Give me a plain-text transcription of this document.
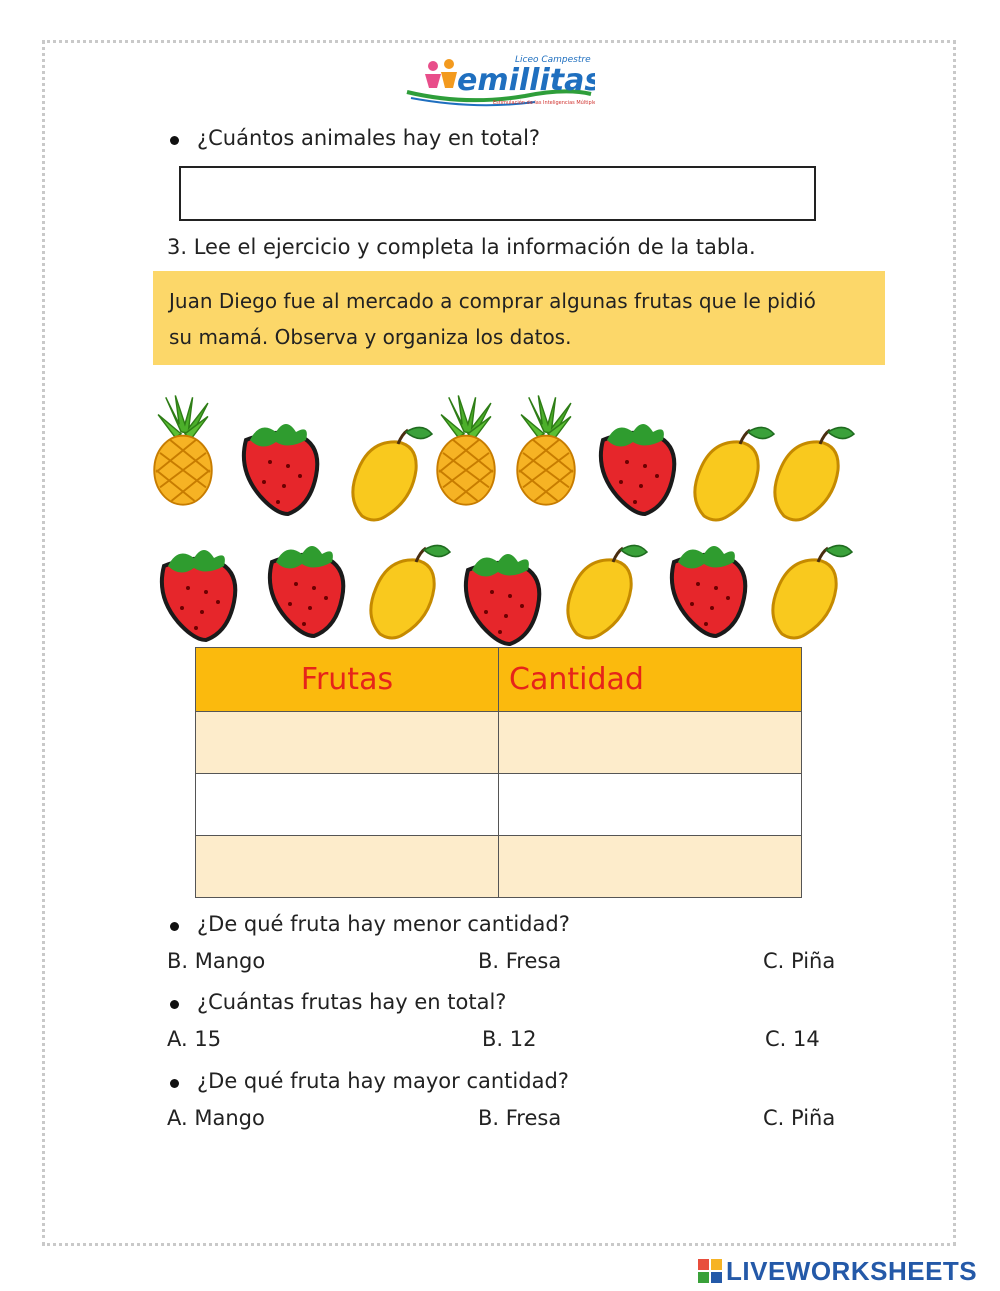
Liceo Campestre
emillitas
Estimulación de las Inteligencias Múltiples
¿Cuántos animales hay en total?
3. Lee el ejercicio y completa la información de la tabla.
Juan Diego fue al mercado a comprar algunas frutas que le pidió
su mamá. Observa y organiza los datos.
Frutas	Cantidad

¿De qué fruta hay menor cantidad?
B. Mango	B. Fresa	C. Piña
¿Cuántas frutas hay en total?
A. 15	B. 12	C. 14
¿De qué fruta hay mayor cantidad?
A. Mango	B. Fresa	C. Piña
LIVEWORKSHEETS
